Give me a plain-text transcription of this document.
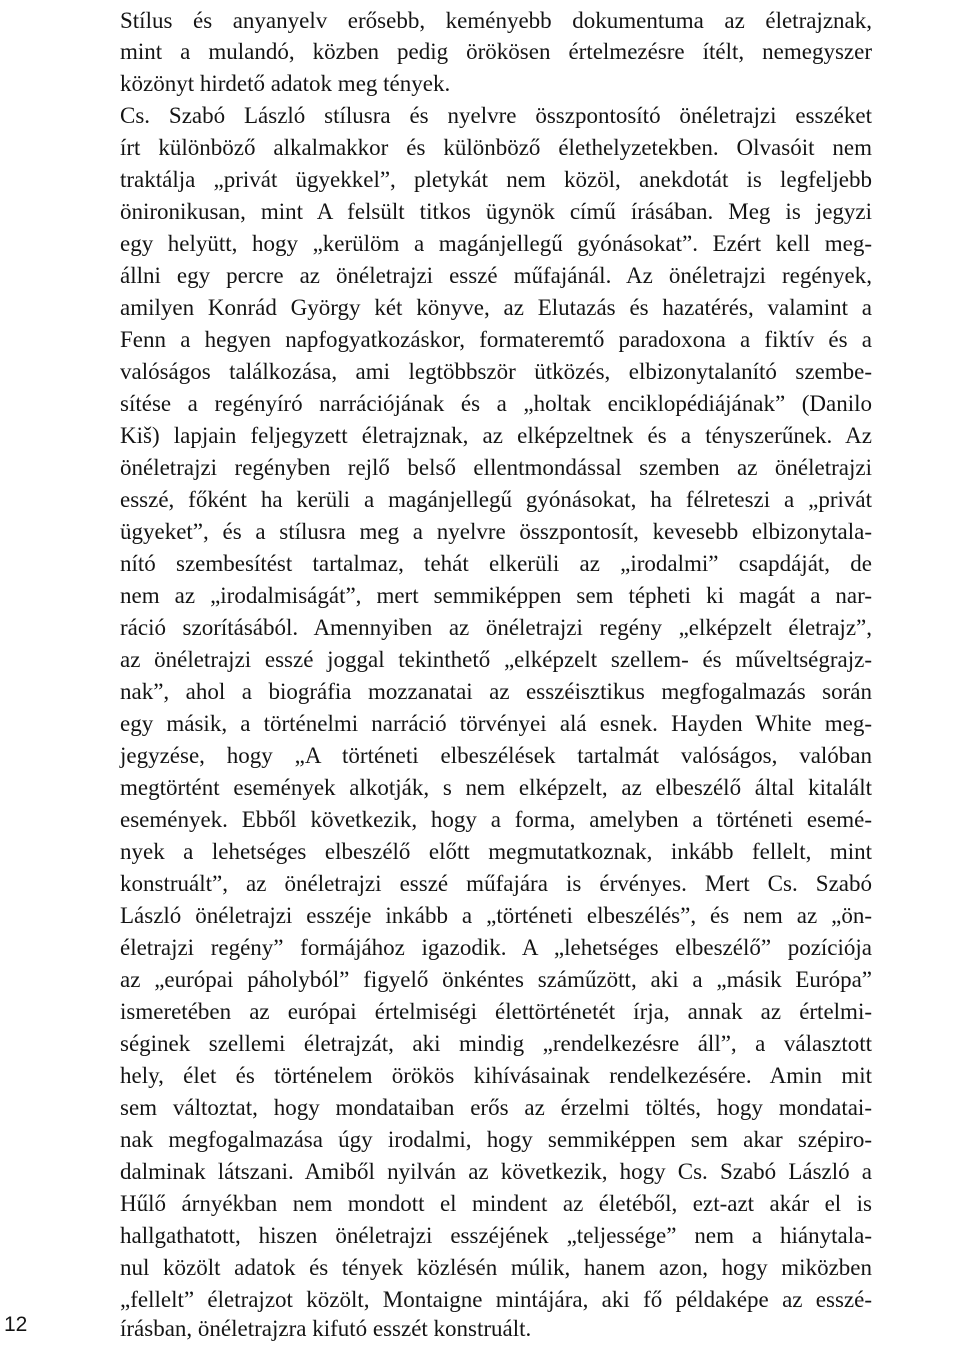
Stílus és anyanyelv erősebb, keményebb dokumentuma az életrajznak,
mint a mulandó, közben pedig örökösen értelmezésre ítélt, nemegyszer
közönyt hirdető adatok meg tények.
Cs. Szabó László stílusra és nyelvre összpontosító önéletrajzi esszéket
írt különböző alkalmakkor és különböző élethelyzetekben. Olvasóit nem
traktálja „privát ügyekkel”, pletykát nem közöl, anekdotát is legfeljebb
önironikusan, mint A felsült titkos ügynök című írásában. Meg is jegyzi
egy helyütt, hogy „kerülöm a magánjellegű gyónásokat”. Ezért kell meg-
állni egy percre az önéletrajzi esszé műfajánál. Az önéletrajzi regények,
amilyen Konrád György két könyve, az Elutazás és hazatérés, valamint a
Fenn a hegyen napfogyatkozáskor, formateremtő paradoxona a fiktív és a
valóságos találkozása, ami legtöbbször ütközés, elbizonytalanító szembe-
sítése a regényíró narrációjának és a „holtak enciklopédiájának” (Danilo
Kiš) lapjain feljegyzett életrajznak, az elképzeltnek és a tényszerűnek. Az
önéletrajzi regényben rejlő belső ellentmondással szemben az önéletrajzi
esszé, főként ha kerüli a magánjellegű gyónásokat, ha félreteszi a „privát
ügyeket”, és a stílusra meg a nyelvre összpontosít, kevesebb elbizonytala-
nító szembesítést tartalmaz, tehát elkerüli az „irodalmi” csapdáját, de
nem az „irodalmiságát”, mert semmiképpen sem tépheti ki magát a nar-
ráció szorításából. Amennyiben az önéletrajzi regény „elképzelt életrajz”,
az önéletrajzi esszé joggal tekinthető „elképzelt szellem- és műveltségrajz-
nak”, ahol a biográfia mozzanatai az esszéisztikus megfogalmazás során
egy másik, a történelmi narráció törvényei alá esnek. Hayden White meg-
jegyzése, hogy „A történeti elbeszélések tartalmát valóságos, valóban
megtörtént események alkotják, s nem elképzelt, az elbeszélő által kitalált
események. Ebből következik, hogy a forma, amelyben a történeti esemé-
nyek a lehetséges elbeszélő előtt megmutatkoznak, inkább fellelt, mint
konstruált”, az önéletrajzi esszé műfajára is érvényes. Mert Cs. Szabó
László önéletrajzi esszéje inkább a „történeti elbeszélés”, és nem az „ön-
életrajzi regény” formájához igazodik. A „lehetséges elbeszélő” pozíciója
az „európai páholyból” figyelő önkéntes száműzött, aki a „másik Európa”
ismeretében az európai értelmiségi élettörténetét írja, annak az értelmi-
séginek szellemi életrajzát, aki mindig „rendelkezésre áll”, a választott
hely, élet és történelem örökös kihívásainak rendelkezésére. Amin mit
sem változtat, hogy mondataiban erős az érzelmi töltés, hogy mondatai-
nak megfogalmazása úgy irodalmi, hogy semmiképpen sem akar szépiro-
dalminak látszani. Amiből nyilván az következik, hogy Cs. Szabó László a
Hűlő árnyékban nem mondott el mindent az életéből, ezt-azt akár el is
hallgathatott, hiszen önéletrajzi esszéjének „teljessége” nem a hiánytala-
nul közölt adatok és tények közlésén múlik, hanem azon, hogy miközben
„fellelt” életrajzot közölt, Montaigne mintájára, aki fő példaképe az esszé-
írásban, önéletrajzra kifutó esszét konstruált.
12
